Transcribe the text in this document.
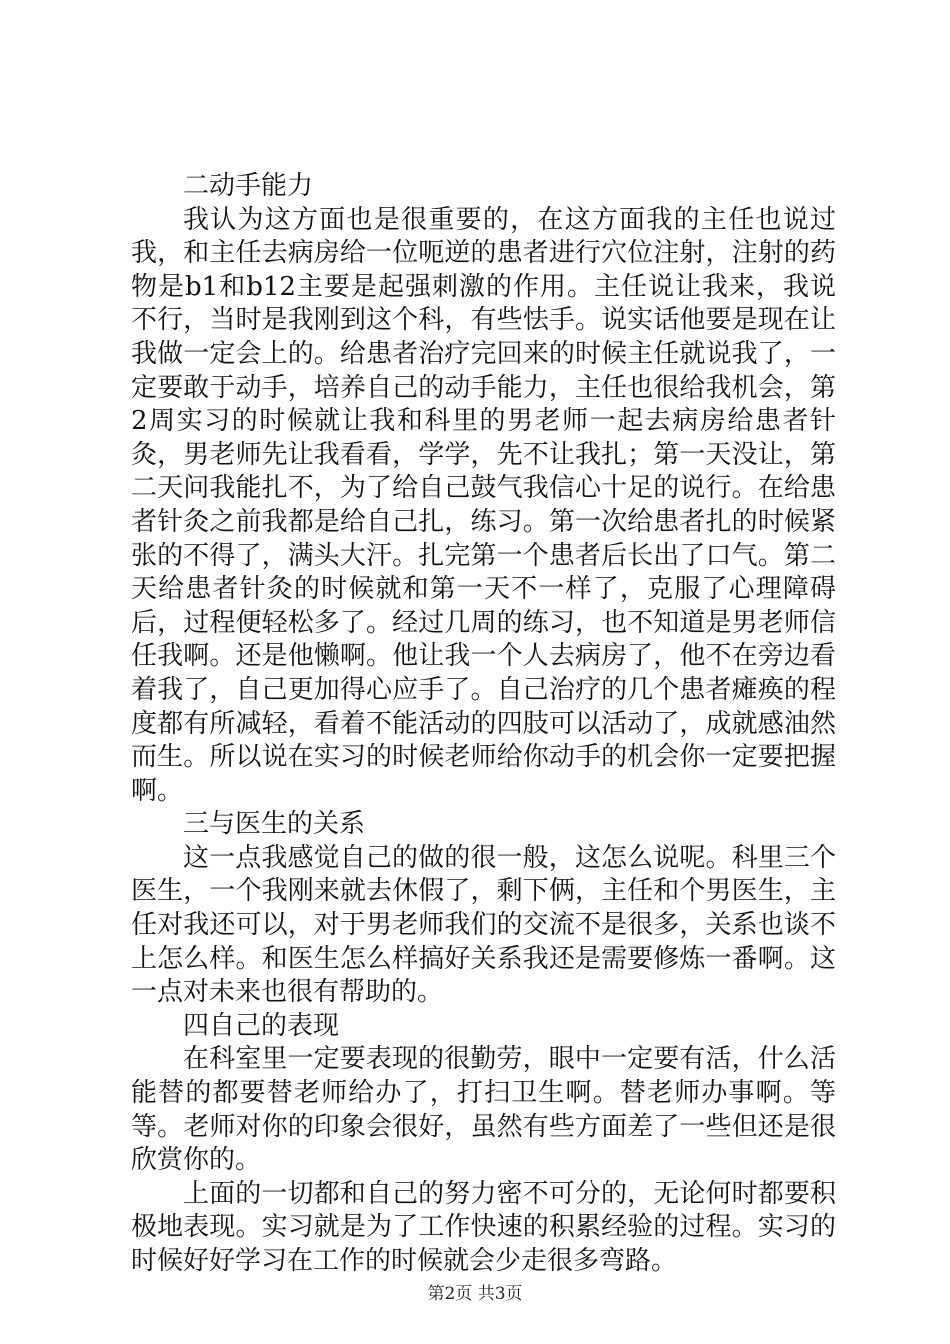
二动手能力

我认为这方面也是很重要的，在这方面我的主任也说过我，和主任去病房给一位呃逆的患者进行穴位注射，注射的药物是b1和b12主要是起强刺激的作用。主任说让我来，我说不行，当时是我刚到这个科，有些怯手。说实话他要是现在让我做一定会上的。给患者治疗完回来的时候主任就说我了，一定要敢于动手，培养自己的动手能力，主任也很给我机会，第2周实习的时候就让我和科里的男老师一起去病房给患者针灸，男老师先让我看看，学学，先不让我扎；第一天没让，第二天问我能扎不，为了给自己鼓气我信心十足的说行。在给患者针灸之前我都是给自己扎，练习。第一次给患者扎的时候紧张的不得了，满头大汗。扎完第一个患者后长出了口气。第二天给患者针灸的时候就和第一天不一样了，克服了心理障碍后，过程便轻松多了。经过几周的练习，也不知道是男老师信任我啊。还是他懒啊。他让我一个人去病房了，他不在旁边看着我了，自己更加得心应手了。自己治疗的几个患者瘫痪的程度都有所减轻，看着不能活动的四肢可以活动了，成就感油然而生。所以说在实习的时候老师给你动手的机会你一定要把握啊。

三与医生的关系

这一点我感觉自己的做的很一般，这怎么说呢。科里三个医生，一个我刚来就去休假了，剩下俩，主任和个男医生，主任对我还可以，对于男老师我们的交流不是很多，关系也谈不上怎么样。和医生怎么样搞好关系我还是需要修炼一番啊。这一点对未来也很有帮助的。

四自己的表现

在科室里一定要表现的很勤劳，眼中一定要有活，什么活能替的都要替老师给办了，打扫卫生啊。替老师办事啊。等等。老师对你的印象会很好，虽然有些方面差了一些但还是很欣赏你的。

上面的一切都和自己的努力密不可分的，无论何时都要积极地表现。实习就是为了工作快速的积累经验的过程。实习的时候好好学习在工作的时候就会少走很多弯路。

第2页 共3页
